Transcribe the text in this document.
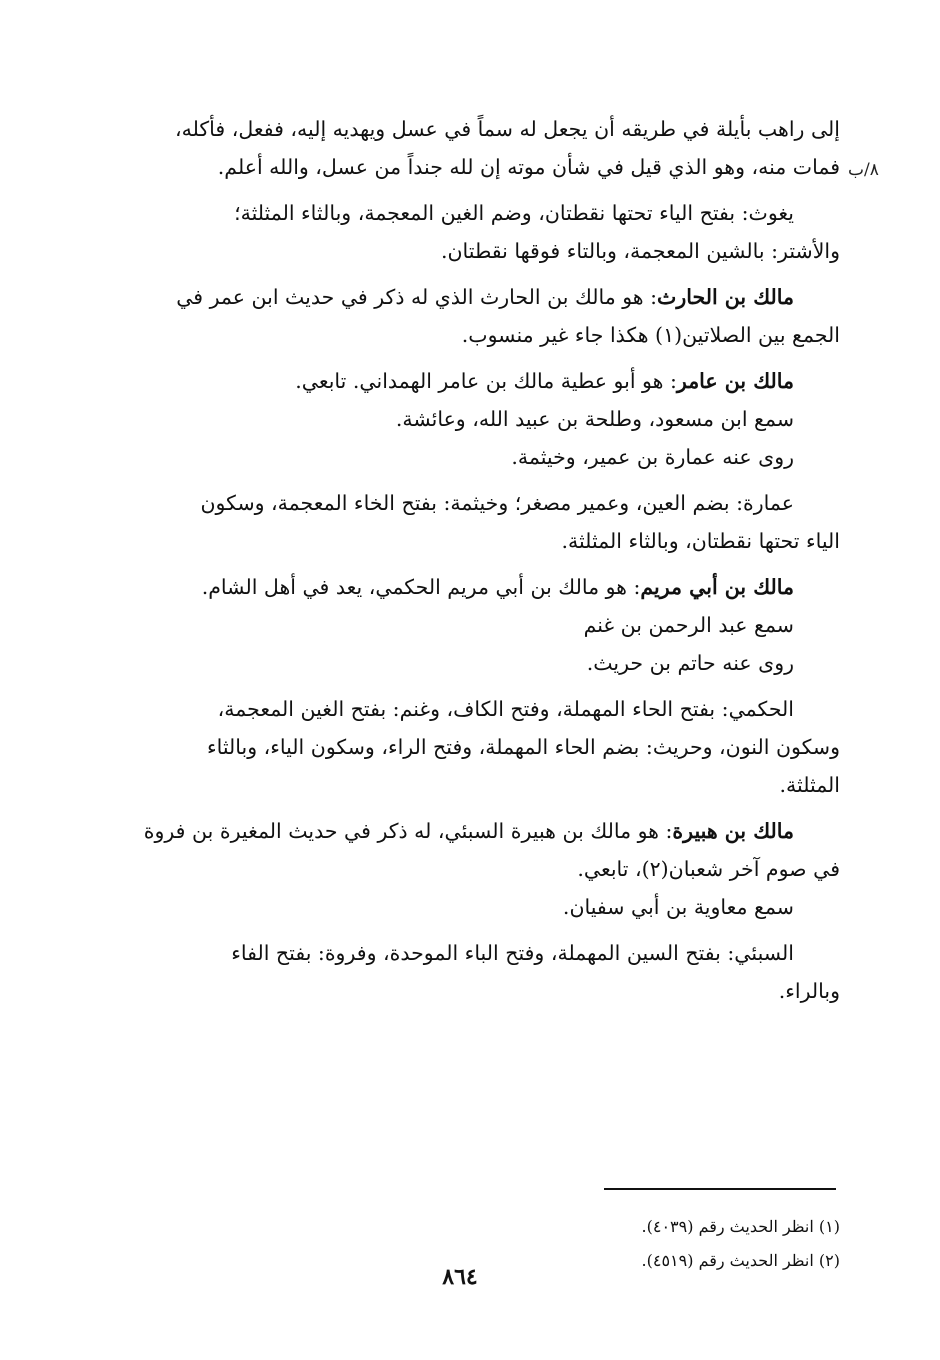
٨/ب
إلى راهب بأيلة في طريقه أن يجعل له سماً في عسل ويهديه إليه، ففعل، فأكله،
فمات منه، وهو الذي قيل في شأن موته إن لله جنداً من عسل، والله أعلم.
يغوث: بفتح الياء تحتها نقطتان، وضم الغين المعجمة، وبالثاء المثلثة؛
والأشتر: بالشين المعجمة، وبالتاء فوقها نقطتان.
مالك بن الحارث: هو مالك بن الحارث الذي له ذكر في حديث ابن عمر في
الجمع بين الصلاتين(١) هكذا جاء غير منسوب.
مالك بن عامر: هو أبو عطية مالك بن عامر الهمداني. تابعي.
سمع ابن مسعود، وطلحة بن عبيد الله، وعائشة.
روى عنه عمارة بن عمير، وخيثمة.
عمارة: بضم العين، وعمير مصغر؛ وخيثمة: بفتح الخاء المعجمة، وسكون
الياء تحتها نقطتان، وبالثاء المثلثة.
مالك بن أبي مريم: هو مالك بن أبي مريم الحكمي، يعد في أهل الشام.
سمع عبد الرحمن بن غنم
روى عنه حاتم بن حريث.
الحكمي: بفتح الحاء المهملة، وفتح الكاف، وغنم: بفتح الغين المعجمة،
وسكون النون، وحريث: بضم الحاء المهملة، وفتح الراء، وسكون الياء، وبالثاء
المثلثة.
مالك بن هبيرة: هو مالك بن هبيرة السبئي، له ذكر في حديث المغيرة بن فروة
في صوم آخر شعبان(٢)، تابعي.
سمع معاوية بن أبي سفيان.
السبئي: بفتح السين المهملة، وفتح الباء الموحدة، وفروة: بفتح الفاء
وبالراء.
(١) انظر الحديث رقم (٤٠٣٩).
(٢) انظر الحديث رقم (٤٥١٩).
٨٦٤
